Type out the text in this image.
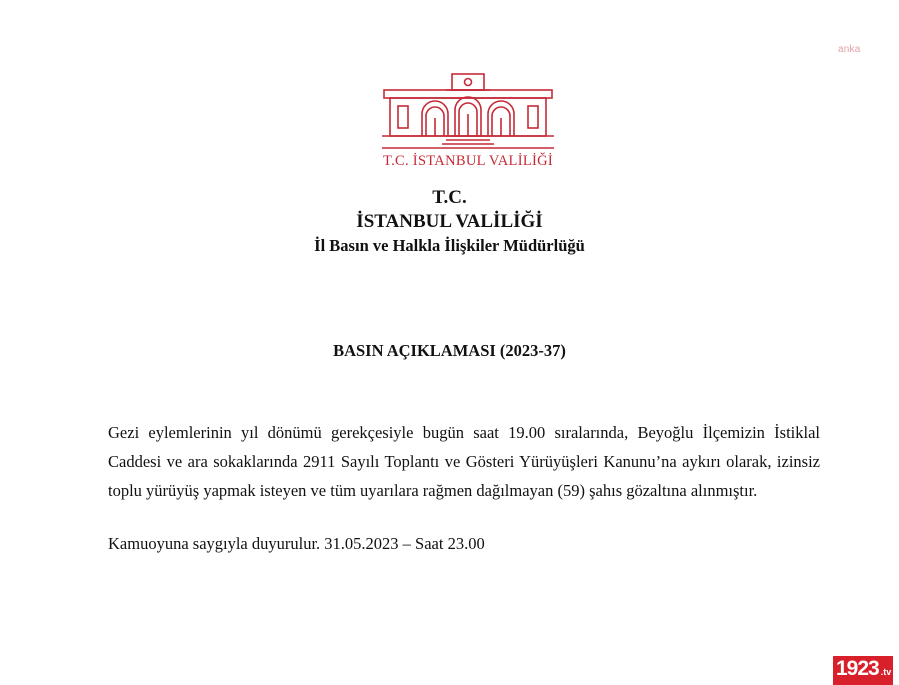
anka
T.C. İSTANBUL VALİLİĞİ
T.C.
İSTANBUL VALİLİĞİ
İl Basın ve Halkla İlişkiler Müdürlüğü
BASIN AÇIKLAMASI (2023-37)
Gezi eylemlerinin yıl dönümü gerekçesiyle bugün saat 19.00 sıralarında, Beyoğlu İlçemizin İstiklal Caddesi ve ara sokaklarında 2911 Sayılı Toplantı ve Gösteri Yürüyüşleri Kanunu’na aykırı olarak, izinsiz toplu yürüyüş yapmak isteyen ve tüm uyarılara rağmen dağılmayan (59) şahıs gözaltına alınmıştır.
Kamuoyuna saygıyla duyurulur. 31.05.2023 – Saat 23.00
1923 .tv
